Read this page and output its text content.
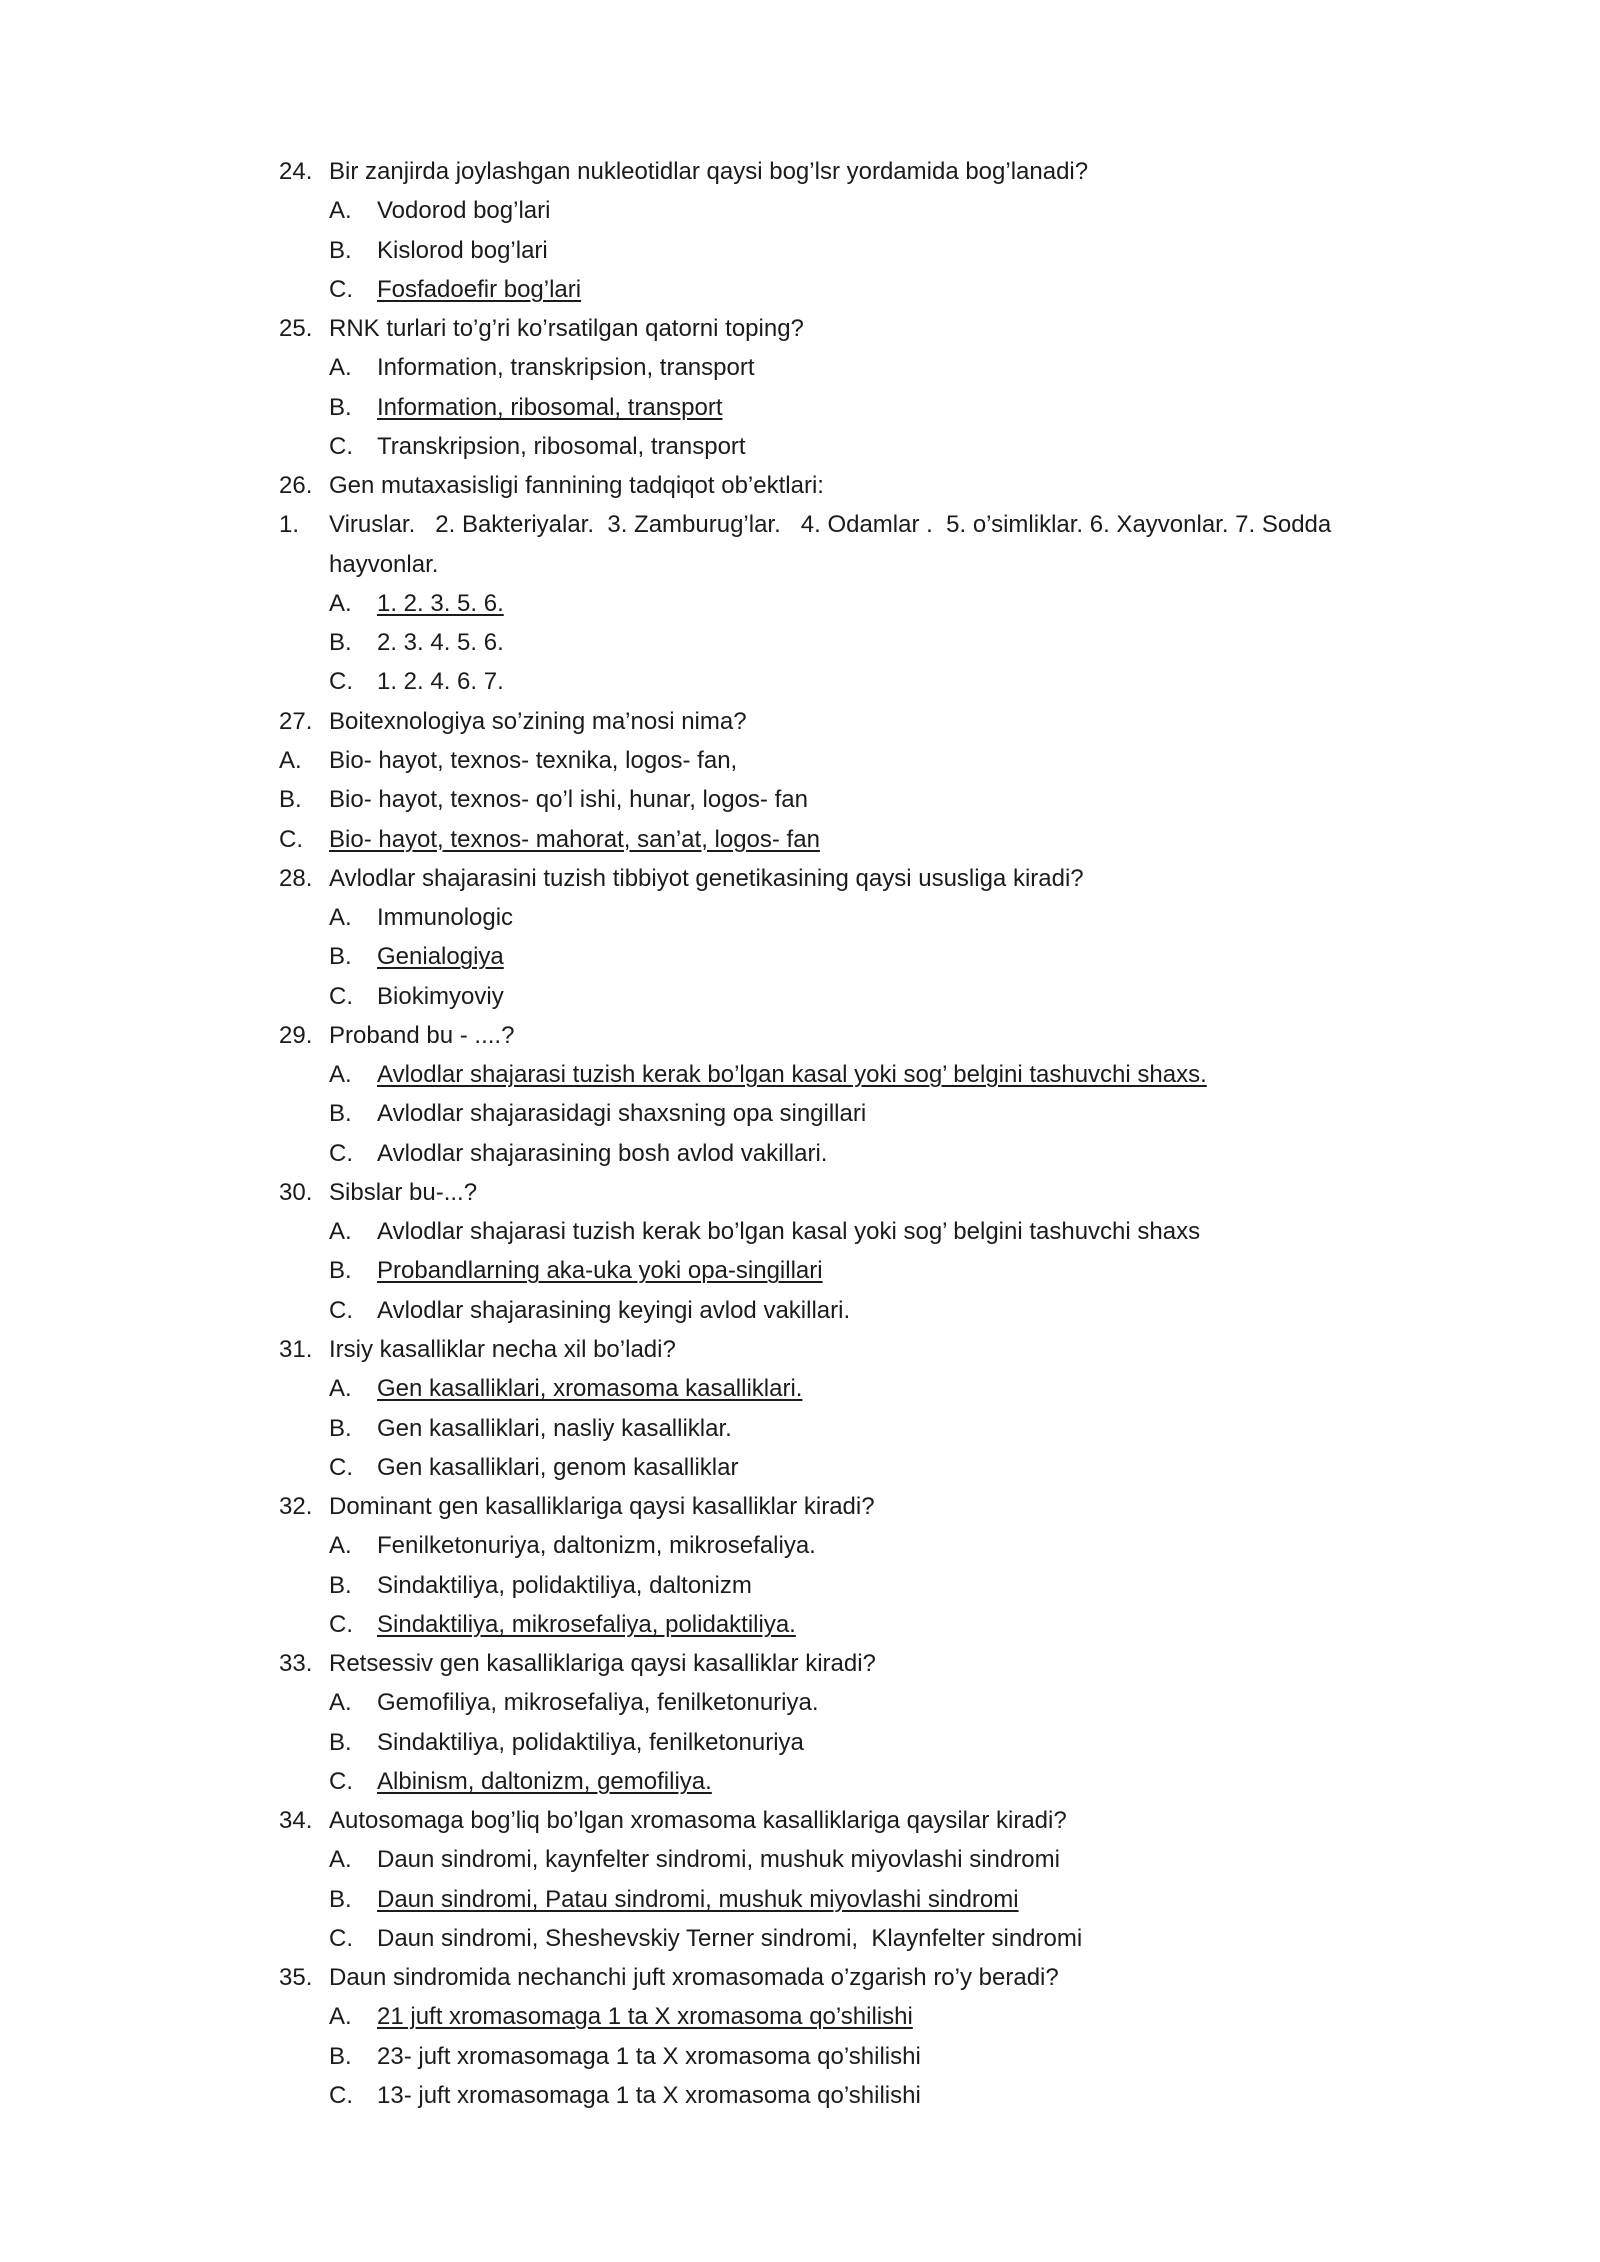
24. Bir zanjirda joylashgan nukleotidlar qaysi bog’lsr yordamida bog’lanadi?
A. Vodorod bog’lari
B. Kislorod bog’lari
C. Fosfadoefir bog’lari
25. RNK turlari to’g’ri ko’rsatilgan qatorni toping?
A. Information, transkripsion, transport
B. Information, ribosomal, transport
C. Transkripsion, ribosomal, transport
26. Gen mutaxasisligi fannining tadqiqot ob’ektlari:
1. Viruslar.   2. Bakteriyalar.  3. Zamburug’lar.   4. Odamlar .  5. o’simliklar. 6. Xayvonlar. 7. Sodda
hayvonlar.
A. 1. 2. 3. 5. 6.
B. 2. 3. 4. 5. 6.
C. 1. 2. 4. 6. 7.
27. Boitexnologiya so’zining ma’nosi nima?
A. Bio- hayot, texnos- texnika, logos- fan,
B. Bio- hayot, texnos- qo’l ishi, hunar, logos- fan
C. Bio- hayot, texnos- mahorat, san’at, logos- fan
28. Avlodlar shajarasini tuzish tibbiyot genetikasining qaysi ususliga kiradi?
A. Immunologic
B. Genialogiya
C. Biokimyoviy
29. Proband bu - ....?
A. Avlodlar shajarasi tuzish kerak bo’lgan kasal yoki sog’ belgini tashuvchi shaxs.
B. Avlodlar shajarasidagi shaxsning opa singillari
C. Avlodlar shajarasining bosh avlod vakillari.
30. Sibslar bu-...?
A. Avlodlar shajarasi tuzish kerak bo’lgan kasal yoki sog’ belgini tashuvchi shaxs
B. Probandlarning aka-uka yoki opa-singillari
C. Avlodlar shajarasining keyingi avlod vakillari.
31. Irsiy kasalliklar necha xil bo’ladi?
A. Gen kasalliklari, xromasoma kasalliklari.
B. Gen kasalliklari, nasliy kasalliklar.
C. Gen kasalliklari, genom kasalliklar
32. Dominant gen kasalliklariga qaysi kasalliklar kiradi?
A. Fenilketonuriya, daltonizm, mikrosefaliya.
B. Sindaktiliya, polidaktiliya, daltonizm
C. Sindaktiliya, mikrosefaliya, polidaktiliya.
33. Retsessiv gen kasalliklariga qaysi kasalliklar kiradi?
A. Gemofiliya, mikrosefaliya, fenilketonuriya.
B. Sindaktiliya, polidaktiliya, fenilketonuriya
C. Albinism, daltonizm, gemofiliya.
34. Autosomaga bog’liq bo’lgan xromasoma kasalliklariga qaysilar kiradi?
A. Daun sindromi, kaynfelter sindromi, mushuk miyovlashi sindromi
B. Daun sindromi, Patau sindromi, mushuk miyovlashi sindromi
C. Daun sindromi, Sheshevskiy Terner sindromi,  Klaynfelter sindromi
35. Daun sindromida nechanchi juft xromasomada o’zgarish ro’y beradi?
A. 21 juft xromasomaga 1 ta X xromasoma qo’shilishi
B. 23- juft xromasomaga 1 ta X xromasoma qo’shilishi
C. 13- juft xromasomaga 1 ta X xromasoma qo’shilishi
